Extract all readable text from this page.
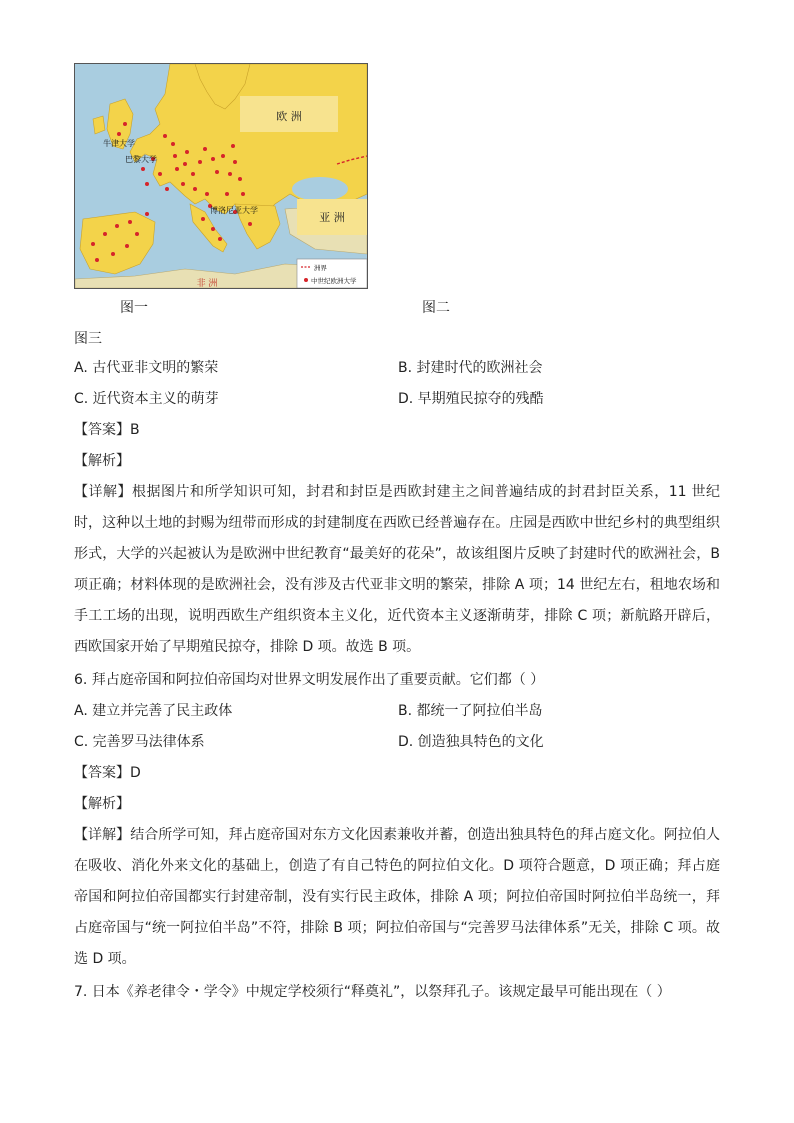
欧 洲
亚 洲
非 洲
牛津大学
巴黎大学
博洛尼亚大学
洲界
中世纪欧洲大学
图一	图二
图三
A. 古代亚非文明的繁荣	B. 封建时代的欧洲社会
C. 近代资本主义的萌芽	D. 早期殖民掠夺的残酷
【答案】B
【解析】
【详解】根据图片和所学知识可知，封君和封臣是西欧封建主之间普遍结成的封君封臣关系，11 世纪时，这种以土地的封赐为纽带而形成的封建制度在西欧已经普遍存在。庄园是西欧中世纪乡村的典型组织形式，大学的兴起被认为是欧洲中世纪教育“最美好的花朵”，故该组图片反映了封建时代的欧洲社会，B 项正确；材料体现的是欧洲社会，没有涉及古代亚非文明的繁荣，排除 A 项；14 世纪左右，租地农场和手工工场的出现，说明西欧生产组织资本主义化，近代资本主义逐渐萌芽，排除 C 项；新航路开辟后，西欧国家开始了早期殖民掠夺，排除 D 项。故选 B 项。
6. 拜占庭帝国和阿拉伯帝国均对世界文明发展作出了重要贡献。它们都（ ）
A. 建立并完善了民主政体	B. 都统一了阿拉伯半岛
C. 完善罗马法律体系	D. 创造独具特色的文化
【答案】D
【解析】
【详解】结合所学可知，拜占庭帝国对东方文化因素兼收并蓄，创造出独具特色的拜占庭文化。阿拉伯人在吸收、消化外来文化的基础上，创造了有自己特色的阿拉伯文化。D 项符合题意，D 项正确；拜占庭帝国和阿拉伯帝国都实行封建帝制，没有实行民主政体，排除 A 项；阿拉伯帝国时阿拉伯半岛统一，拜占庭帝国与“统一阿拉伯半岛”不符，排除 B 项；阿拉伯帝国与“完善罗马法律体系”无关，排除 C 项。故选 D 项。
7. 日本《养老律令・学令》中规定学校须行“释奠礼”，以祭拜孔子。该规定最早可能出现在（ ）
